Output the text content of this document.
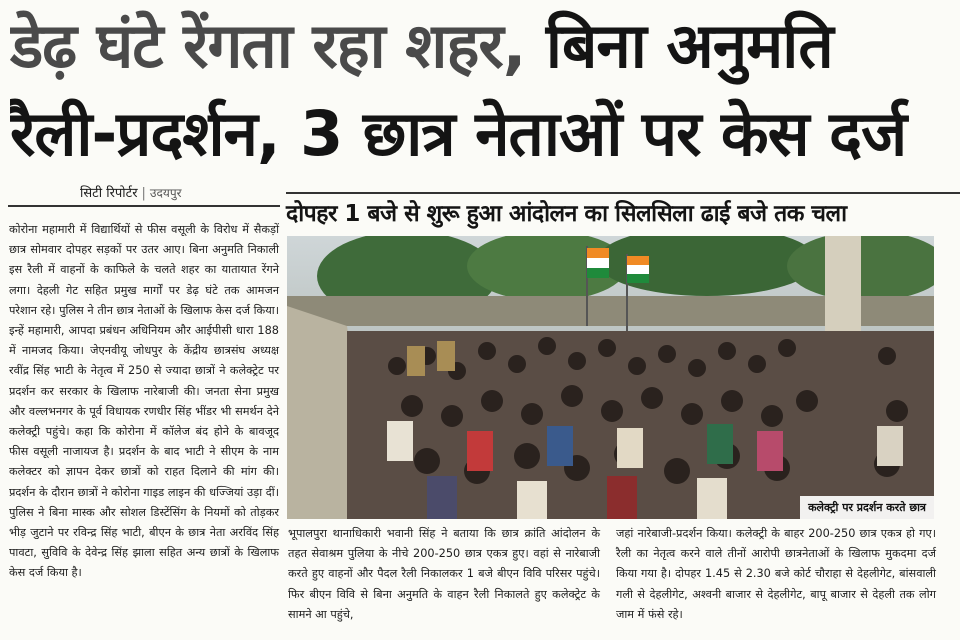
डेढ़ घंटे रेंगता रहा शहर, बिना अनुमति
रैली-प्रदर्शन, 3 छात्र नेताओं पर केस दर्ज
सिटी रिपोर्टर | उदयपुर
दोपहर 1 बजे से शुरू हुआ आंदोलन का सिलसिला ढाई बजे तक चला
कोरोना महामारी में विद्यार्थियों से फीस वसूली के विरोध में सैकड़ों छात्र सोमवार दोपहर सड़कों पर उतर आए। बिना अनुमति निकाली इस रैली में वाहनों के काफिले के चलते शहर का यातायात रेंगने लगा। देहली गेट सहित प्रमुख मार्गों पर डेढ़ घंटे तक आमजन परेशान रहे। पुलिस ने तीन छात्र नेताओं के खिलाफ केस दर्ज किया। इन्हें महामारी, आपदा प्रबंधन अधिनियम और आईपीसी धारा 188 में नामजद किया। जेएनवीयू जोधपुर के केंद्रीय छात्रसंघ अध्यक्ष रवींद्र सिंह भाटी के नेतृत्व में 250 से ज्यादा छात्रों ने कलेक्ट्रेट पर प्रदर्शन कर सरकार के खिलाफ नारेबाजी की। जनता सेना प्रमुख और वल्लभनगर के पूर्व विधायक रणधीर सिंह भींडर भी समर्थन देने कलेक्ट्री पहुंचे। कहा कि कोरोना में कॉलेज बंद होने के बावजूद फीस वसूली नाजायज है। प्रदर्शन के बाद भाटी ने सीएम के नाम कलेक्टर को ज्ञापन देकर छात्रों को राहत दिलाने की मांग की। प्रदर्शन के दौरान छात्रों ने कोरोना गाइड लाइन की धज्जियां उड़ा दीं। पुलिस ने बिना मास्क और सोशल डिस्टेंसिंग के नियमों को तोड़कर भीड़ जुटाने पर रविन्द्र सिंह भाटी, बीएन के छात्र नेता अरविंद सिंह पावटा, सुविवि के देवेन्द्र सिंह झाला सहित अन्य छात्रों के खिलाफ केस दर्ज किया है।
कलेक्ट्री पर प्रदर्शन करते छात्र
भूपालपुरा थानाधिकारी भवानी सिंह ने बताया कि छात्र क्रांति आंदोलन के तहत सेवाश्रम पुलिया के नीचे 200-250 छात्र एकत्र हुए। वहां से नारेबाजी करते हुए वाहनों और पैदल रैली निकालकर 1 बजे बीएन विवि परिसर पहुंचे। फिर बीएन विवि से बिना अनुमति के वाहन रैली निकालते हुए कलेक्ट्रेट के सामने आ पहुंचे,
जहां नारेबाजी-प्रदर्शन किया। कलेक्ट्री के बाहर 200-250 छात्र एकत्र हो गए। रैली का नेतृत्व करने वाले तीनों आरोपी छात्रनेताओं के खिलाफ मुकदमा दर्ज किया गया है। दोपहर 1.45 से 2.30 बजे कोर्ट चौराहा से देहलीगेट, बांसवाली गली से देहलीगेट, अश्वनी बाजार से देहलीगेट, बापू बाजार से देहली तक लोग जाम में फंसे रहे।
